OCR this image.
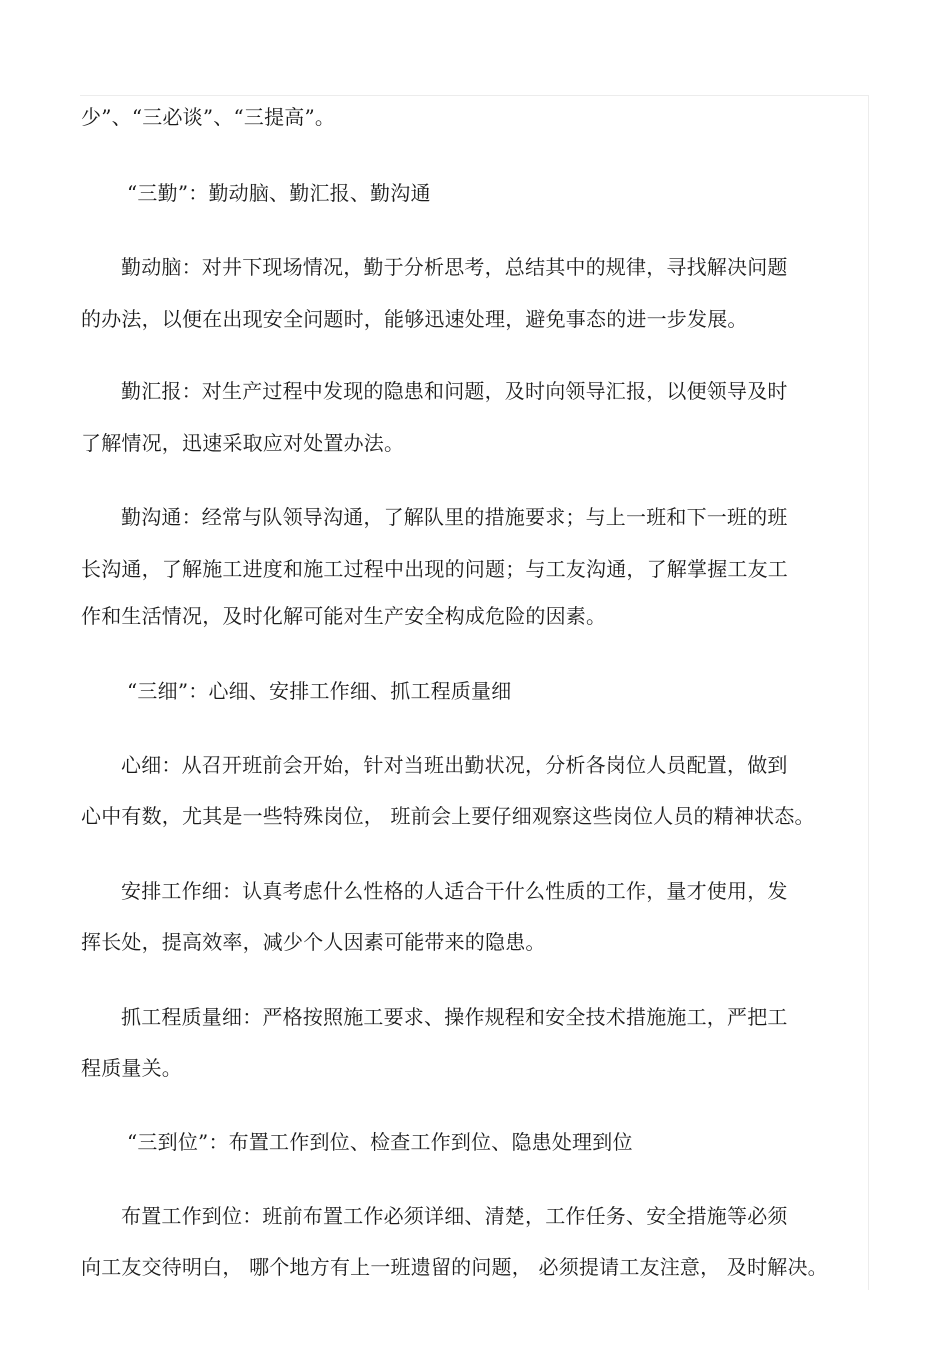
少”、“三必谈”、“三提高”。
“三勤”：勤动脑、勤汇报、勤沟通
勤动脑：对井下现场情况，勤于分析思考，总结其中的规律，寻找解决问题
的办法，以便在出现安全问题时，能够迅速处理，避免事态的进一步发展。
勤汇报：对生产过程中发现的隐患和问题，及时向领导汇报，以便领导及时
了解情况，迅速采取应对处置办法。
勤沟通：经常与队领导沟通，了解队里的措施要求；与上一班和下一班的班
长沟通，了解施工进度和施工过程中出现的问题；与工友沟通，了解掌握工友工
作和生活情况，及时化解可能对生产安全构成危险的因素。
“三细”：心细、安排工作细、抓工程质量细
心细：从召开班前会开始，针对当班出勤状况，分析各岗位人员配置，做到
心中有数，尤其是一些特殊岗位， 班前会上要仔细观察这些岗位人员的精神状态。
安排工作细：认真考虑什么性格的人适合干什么性质的工作，量才使用，发
挥长处，提高效率，减少个人因素可能带来的隐患。
抓工程质量细：严格按照施工要求、操作规程和安全技术措施施工，严把工
程质量关。
“三到位”：布置工作到位、检查工作到位、隐患处理到位
布置工作到位：班前布置工作必须详细、清楚，工作任务、安全措施等必须
向工友交待明白， 哪个地方有上一班遗留的问题， 必须提请工友注意， 及时解决。
